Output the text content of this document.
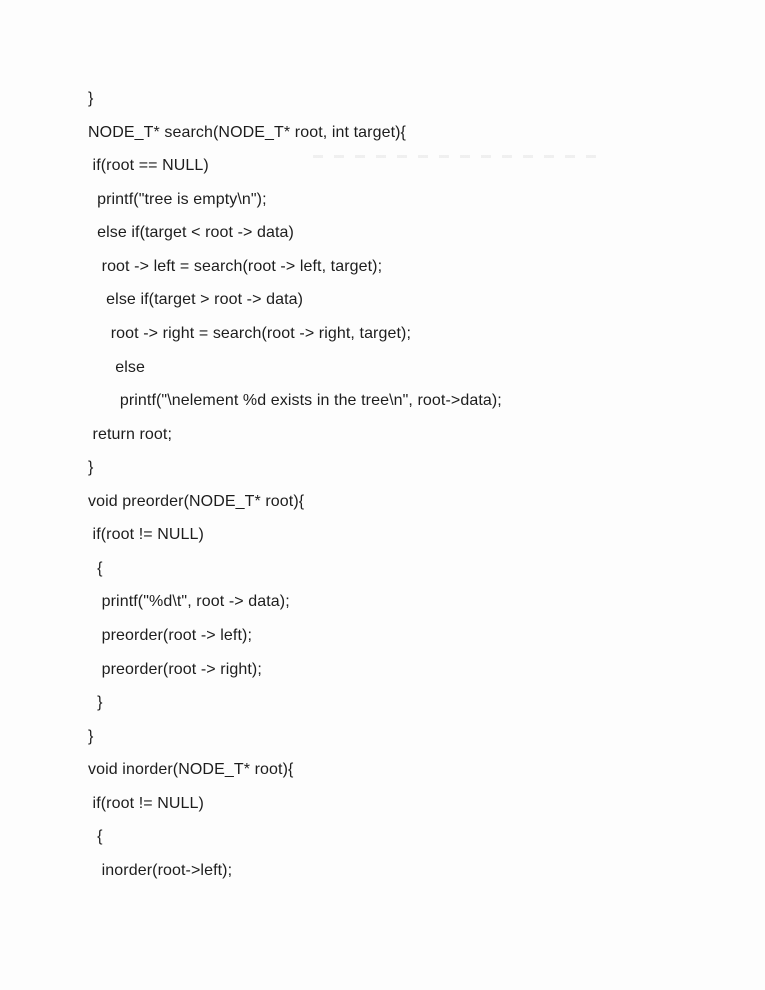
}
NODE_T* search(NODE_T* root, int target){
if(root == NULL)
printf("tree is empty\n");
else if(target < root -> data)
root -> left = search(root -> left, target);
else if(target > root -> data)
root -> right = search(root -> right, target);
else
printf("\nelement %d exists in the tree\n", root->data);
return root;
}
void preorder(NODE_T* root){
if(root != NULL)
{
printf("%d\t", root -> data);
preorder(root -> left);
preorder(root -> right);
}
}
void inorder(NODE_T* root){
if(root != NULL)
{
inorder(root->left);
